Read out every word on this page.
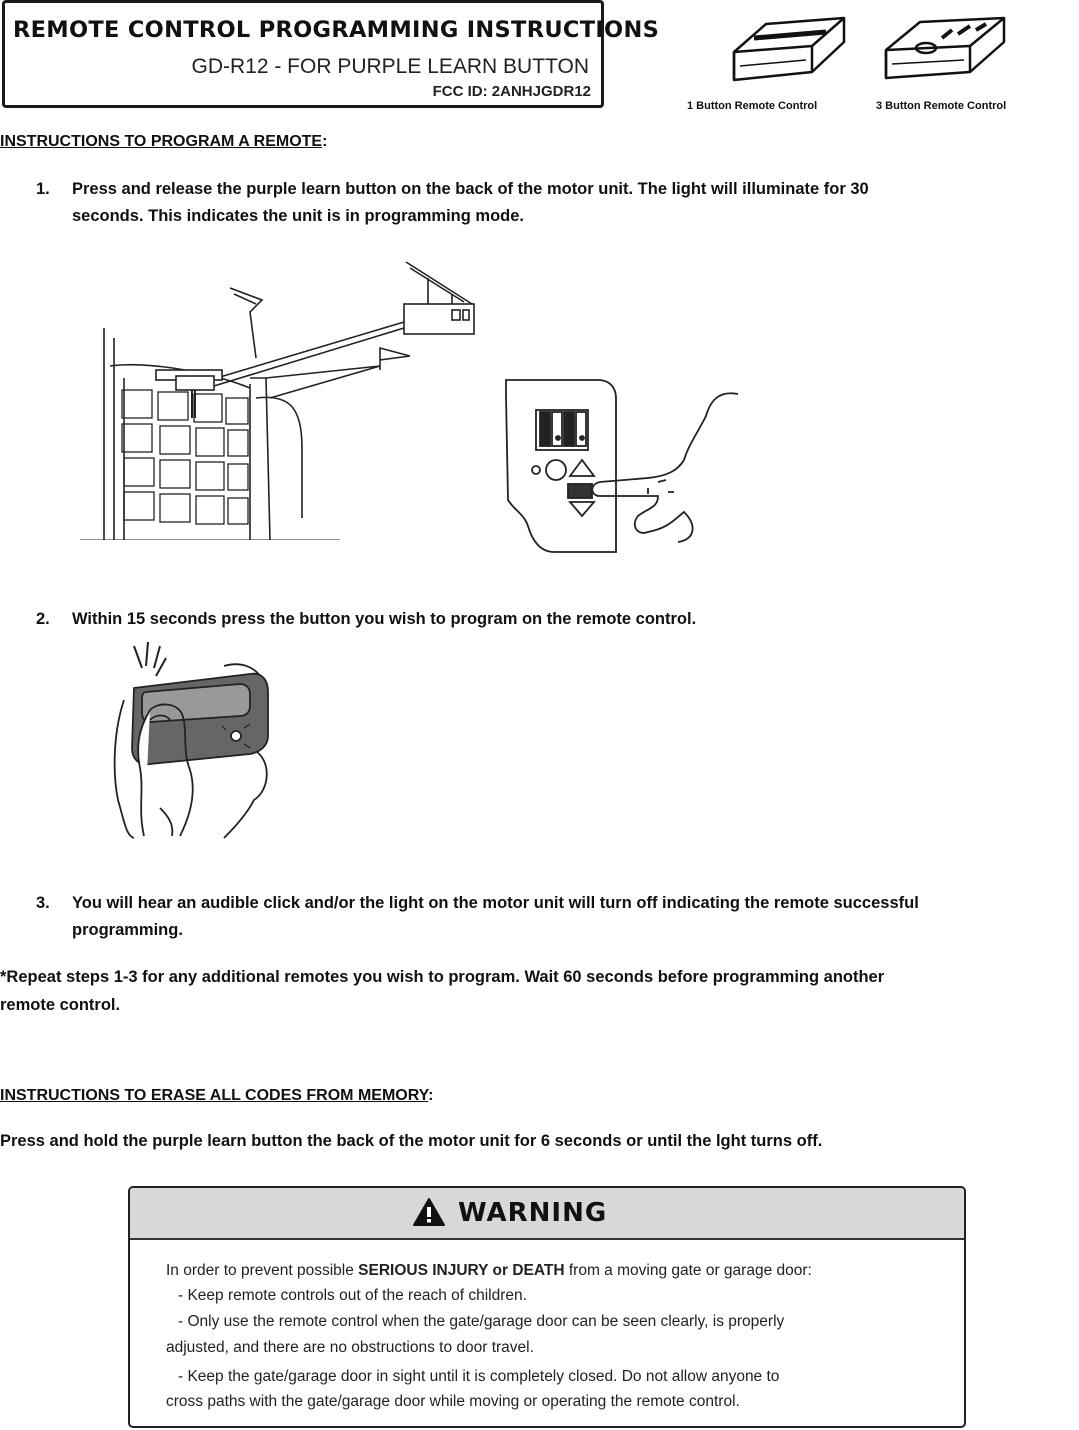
REMOTE CONTROL PROGRAMMING INSTRUCTIONS
GD-R12 - FOR PURPLE LEARN BUTTON
FCC ID: 2ANHJGDR12
1 Button Remote Control	3 Button Remote Control
INSTRUCTIONS TO PROGRAM A REMOTE:
1. Press and release the purple learn button on the back of the motor unit. The light will illuminate for 30
seconds. This indicates the unit is in programming mode.
2. Within 15 seconds press the button you wish to program on the remote control.
3. You will hear an audible click and/or the light on the motor unit will turn off indicating the remote successful
programming.
*Repeat steps 1-3 for any additional remotes you wish to program. Wait 60 seconds before programming another
remote control.
INSTRUCTIONS TO ERASE ALL CODES FROM MEMORY:
Press and hold the purple learn button the back of the motor unit for 6 seconds or until the lght turns off.
WARNING
In order to prevent possible SERIOUS INJURY or DEATH from a moving gate or garage door:
- Keep remote controls out of the reach of children.
- Only use the remote control when the gate/garage door can be seen clearly, is properly
adjusted, and there are no obstructions to door travel.
- Keep the gate/garage door in sight until it is completely closed. Do not allow anyone to
cross paths with the gate/garage door while moving or operating the remote control.
